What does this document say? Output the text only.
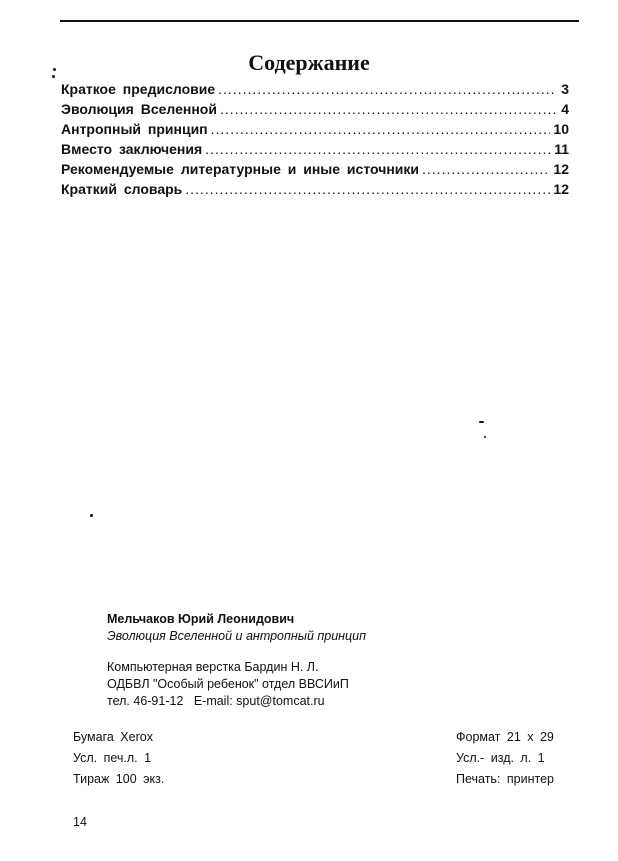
Содержание
Краткое предисловие .....	3
Эволюция Вселенной .....	4
Антропный принцип .....	10
Вместо заключения .....	11
Рекомендуемые литературные и иные источники .....	12
Краткий словарь .....	12
Мельчаков Юрий Леонидович
Эволюция Вселенной и антропный принцип
Компьютерная верстка Бардин Н. Л.
ОДБВЛ "Особый ребенок" отдел ВВСИиП
тел. 46-91-12   E-mail: sput@tomcat.ru
Бумага Xerox
Усл. печ.л. 1
Тираж 100 экз.
Формат 21 x 29
Усл.- изд. л. 1
Печать: принтер
14
